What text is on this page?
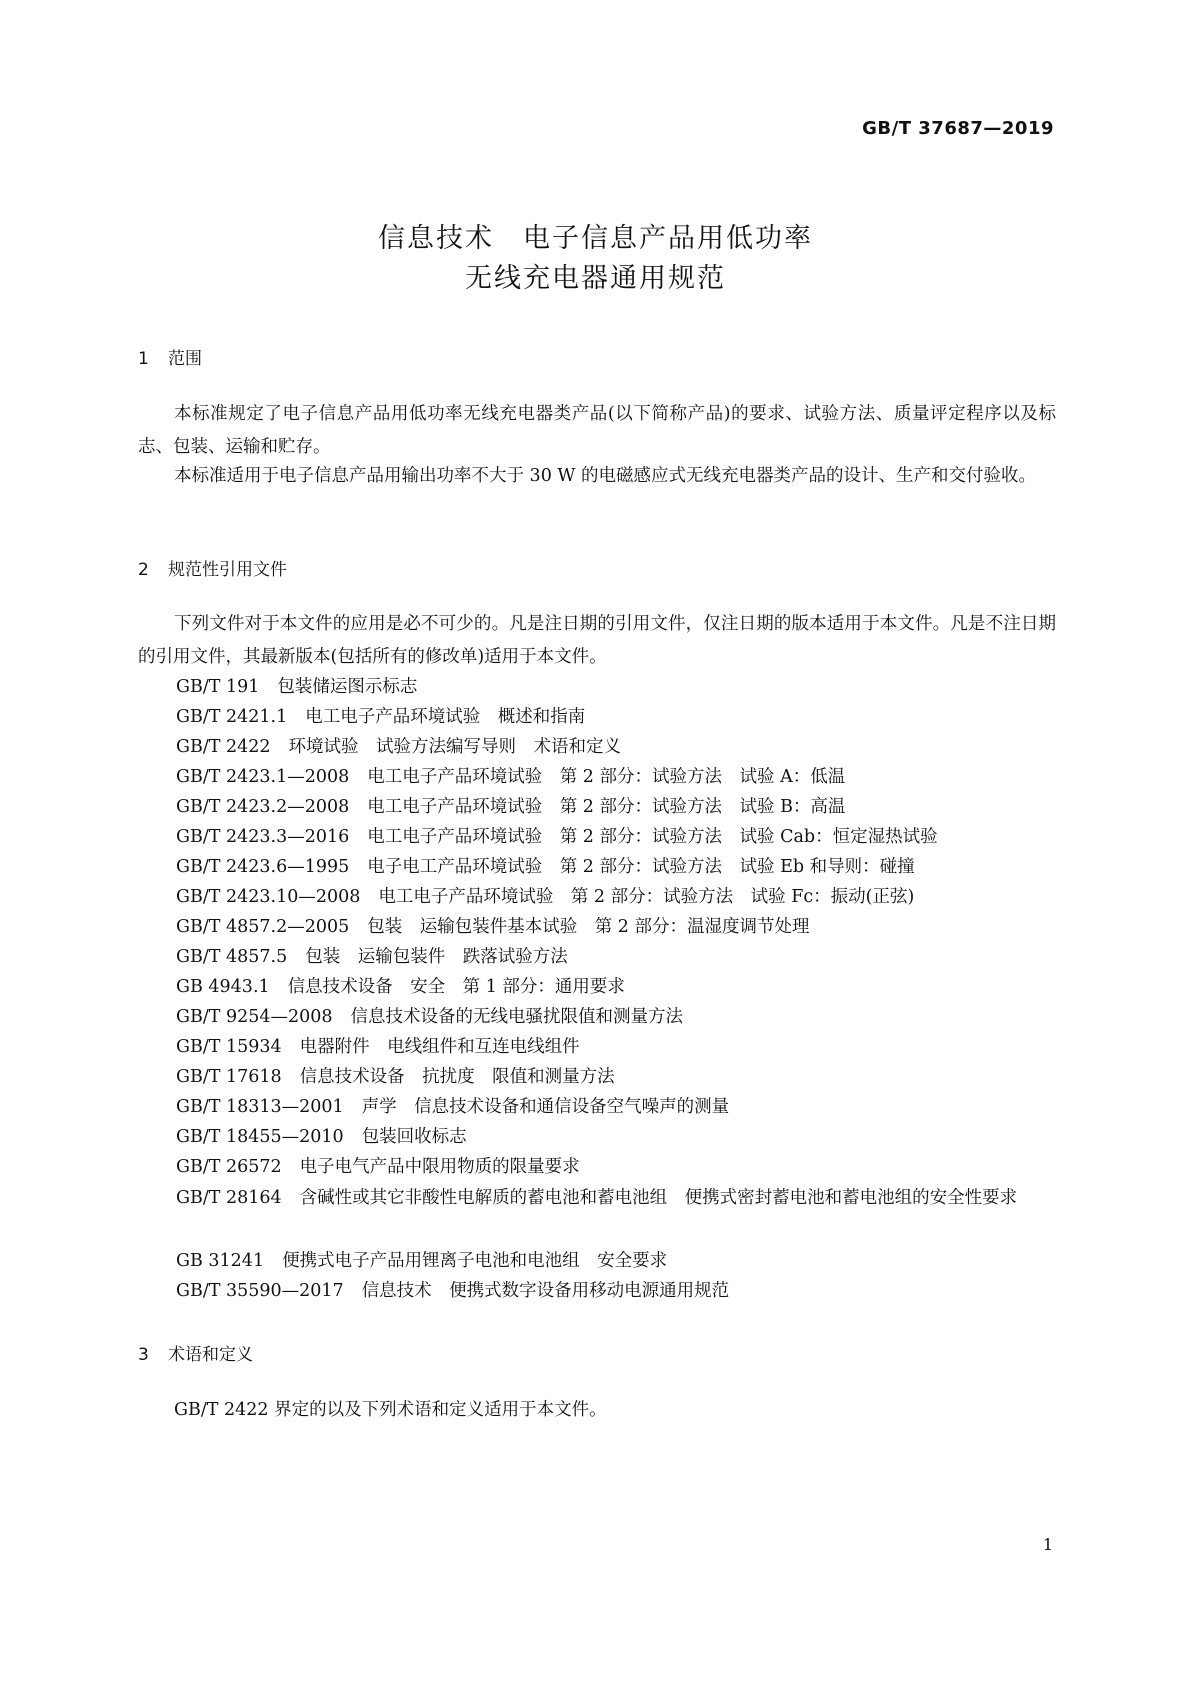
GB/T 37687—2019
信息技术　电子信息产品用低功率
无线充电器通用规范
1 范围
本标准规定了电子信息产品用低功率无线充电器类产品(以下简称产品)的要求、试验方法、质量评定程序以及标志、包装、运输和贮存。
本标准适用于电子信息产品用输出功率不大于 30 W 的电磁感应式无线充电器类产品的设计、生产和交付验收。
2 规范性引用文件
下列文件对于本文件的应用是必不可少的。凡是注日期的引用文件，仅注日期的版本适用于本文件。凡是不注日期的引用文件，其最新版本(包括所有的修改单)适用于本文件。
GB/T 191 包装储运图示标志
GB/T 2421.1 电工电子产品环境试验　概述和指南
GB/T 2422 环境试验　试验方法编写导则　术语和定义
GB/T 2423.1—2008 电工电子产品环境试验　第 2 部分：试验方法　试验 A：低温
GB/T 2423.2—2008 电工电子产品环境试验　第 2 部分：试验方法　试验 B：高温
GB/T 2423.3—2016 电工电子产品环境试验　第 2 部分：试验方法　试验 Cab：恒定湿热试验
GB/T 2423.6—1995 电子电工产品环境试验　第 2 部分：试验方法　试验 Eb 和导则：碰撞
GB/T 2423.10—2008 电工电子产品环境试验　第 2 部分：试验方法　试验 Fc：振动(正弦)
GB/T 4857.2—2005 包装　运输包装件基本试验　第 2 部分：温湿度调节处理
GB/T 4857.5 包装　运输包装件　跌落试验方法
GB 4943.1 信息技术设备　安全　第 1 部分：通用要求
GB/T 9254—2008 信息技术设备的无线电骚扰限值和测量方法
GB/T 15934 电器附件　电线组件和互连电线组件
GB/T 17618 信息技术设备　抗扰度　限值和测量方法
GB/T 18313—2001 声学　信息技术设备和通信设备空气噪声的测量
GB/T 18455—2010 包装回收标志
GB/T 26572 电子电气产品中限用物质的限量要求
GB/T 28164 含碱性或其它非酸性电解质的蓄电池和蓄电池组　便携式密封蓄电池和蓄电池组的安全性要求
GB 31241 便携式电子产品用锂离子电池和电池组　安全要求
GB/T 35590—2017 信息技术　便携式数字设备用移动电源通用规范
3 术语和定义
GB/T 2422 界定的以及下列术语和定义适用于本文件。
1
